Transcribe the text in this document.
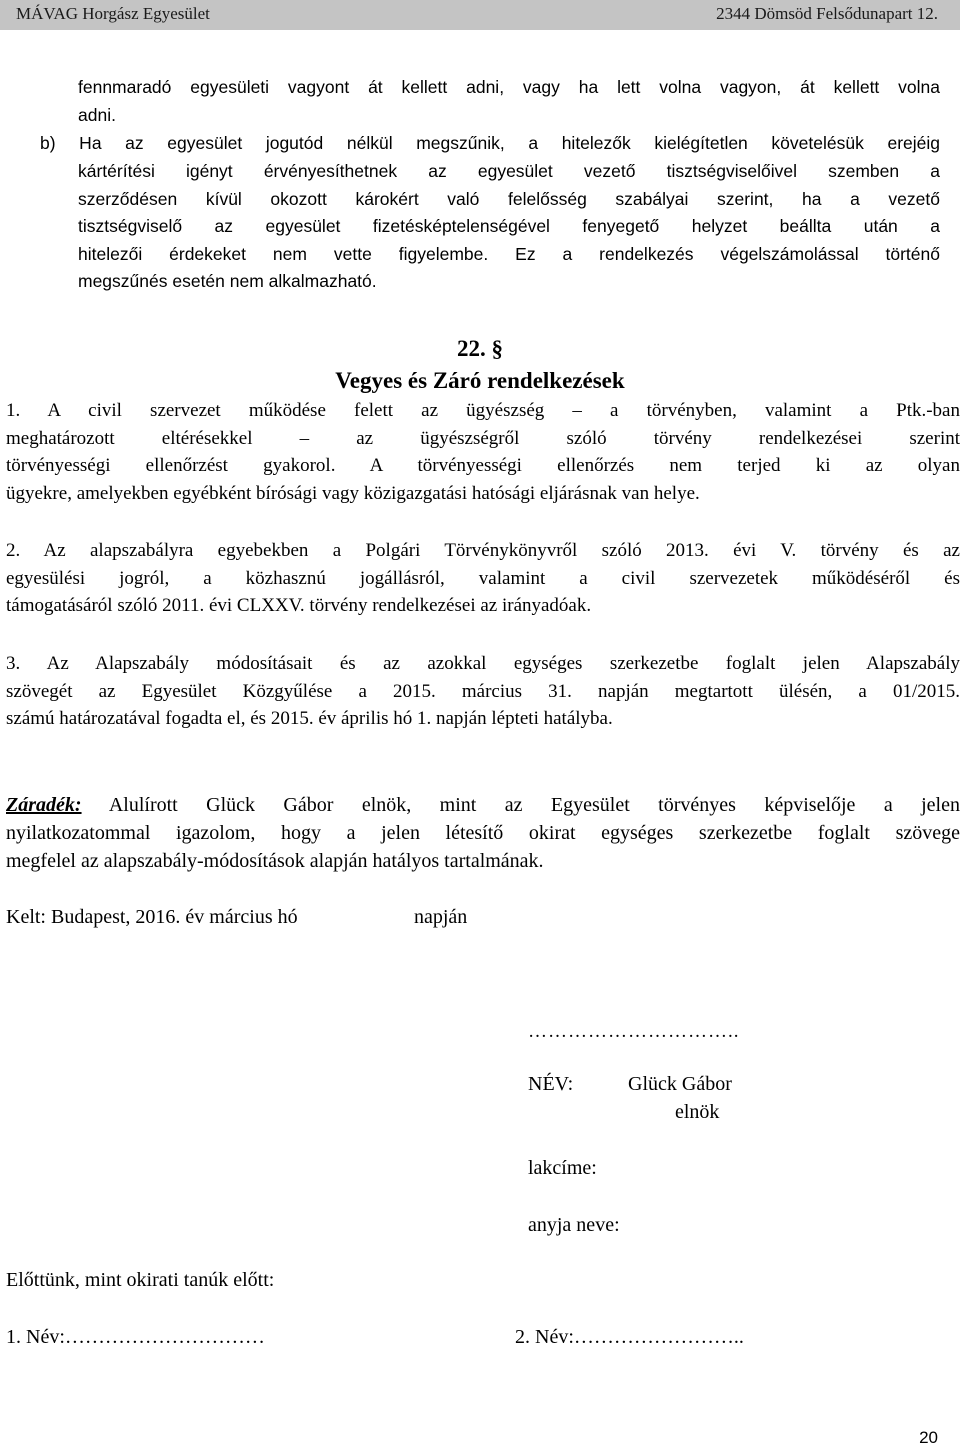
MÁVAG Horgász Egyesület	2344 Dömsöd Felsődunapart 12.
fennmaradó egyesületi vagyont át kellett adni, vagy ha lett volna vagyon, át kellett volna
adni.
b) Ha az egyesület jogutód nélkül megszűnik, a hitelezők kielégítetlen követelésük erejéig
kártérítési igényt érvényesíthetnek az egyesület vezető tisztségviselőivel szemben a
szerződésen kívül okozott károkért való felelősség szabályai szerint, ha a vezető
tisztségviselő az egyesület fizetésképtelenségével fenyegető helyzet beállta után a
hitelezői érdekeket nem vette figyelembe. Ez a rendelkezés végelszámolással történő
megszűnés esetén nem alkalmazható.
22. §
Vegyes és Záró rendelkezések
1. A civil szervezet működése felett az ügyészség – a törvényben, valamint a Ptk.-ban
meghatározott eltérésekkel – az ügyészségről szóló törvény rendelkezései szerint
törvényességi ellenőrzést gyakorol. A törvényességi ellenőrzés nem terjed ki az olyan
ügyekre, amelyekben egyébként bírósági vagy közigazgatási hatósági eljárásnak van helye.
2. Az alapszabályra egyebekben a Polgári Törvénykönyvről szóló 2013. évi V. törvény és az
egyesülési jogról, a közhasznú jogállásról, valamint a civil szervezetek működéséről és
támogatásáról szóló 2011. évi CLXXV. törvény rendelkezései az irányadóak.
3. Az Alapszabály módosításait és az azokkal egységes szerkezetbe foglalt jelen Alapszabály
szövegét az Egyesület Közgyűlése a 2015. március 31. napján megtartott ülésén, a 01/2015.
számú határozatával fogadta el, és 2015. év április hó 1. napján lépteti hatályba.
Záradék: Alulírott Glück Gábor elnök, mint az Egyesület törvényes képviselője a jelen
nyilatkozatommal igazolom, hogy a jelen létesítő okirat egységes szerkezetbe foglalt szövege
megfelel az alapszabály-módosítások alapján hatályos tartalmának.
Kelt: Budapest, 2016. év március hó	napján
…………………………..
NÉV:	Glück Gábor
elnök
lakcíme:
anyja neve:
Előttünk, mint okirati tanúk előtt:
1. Név:…………………………	2. Név:……………………..
20
